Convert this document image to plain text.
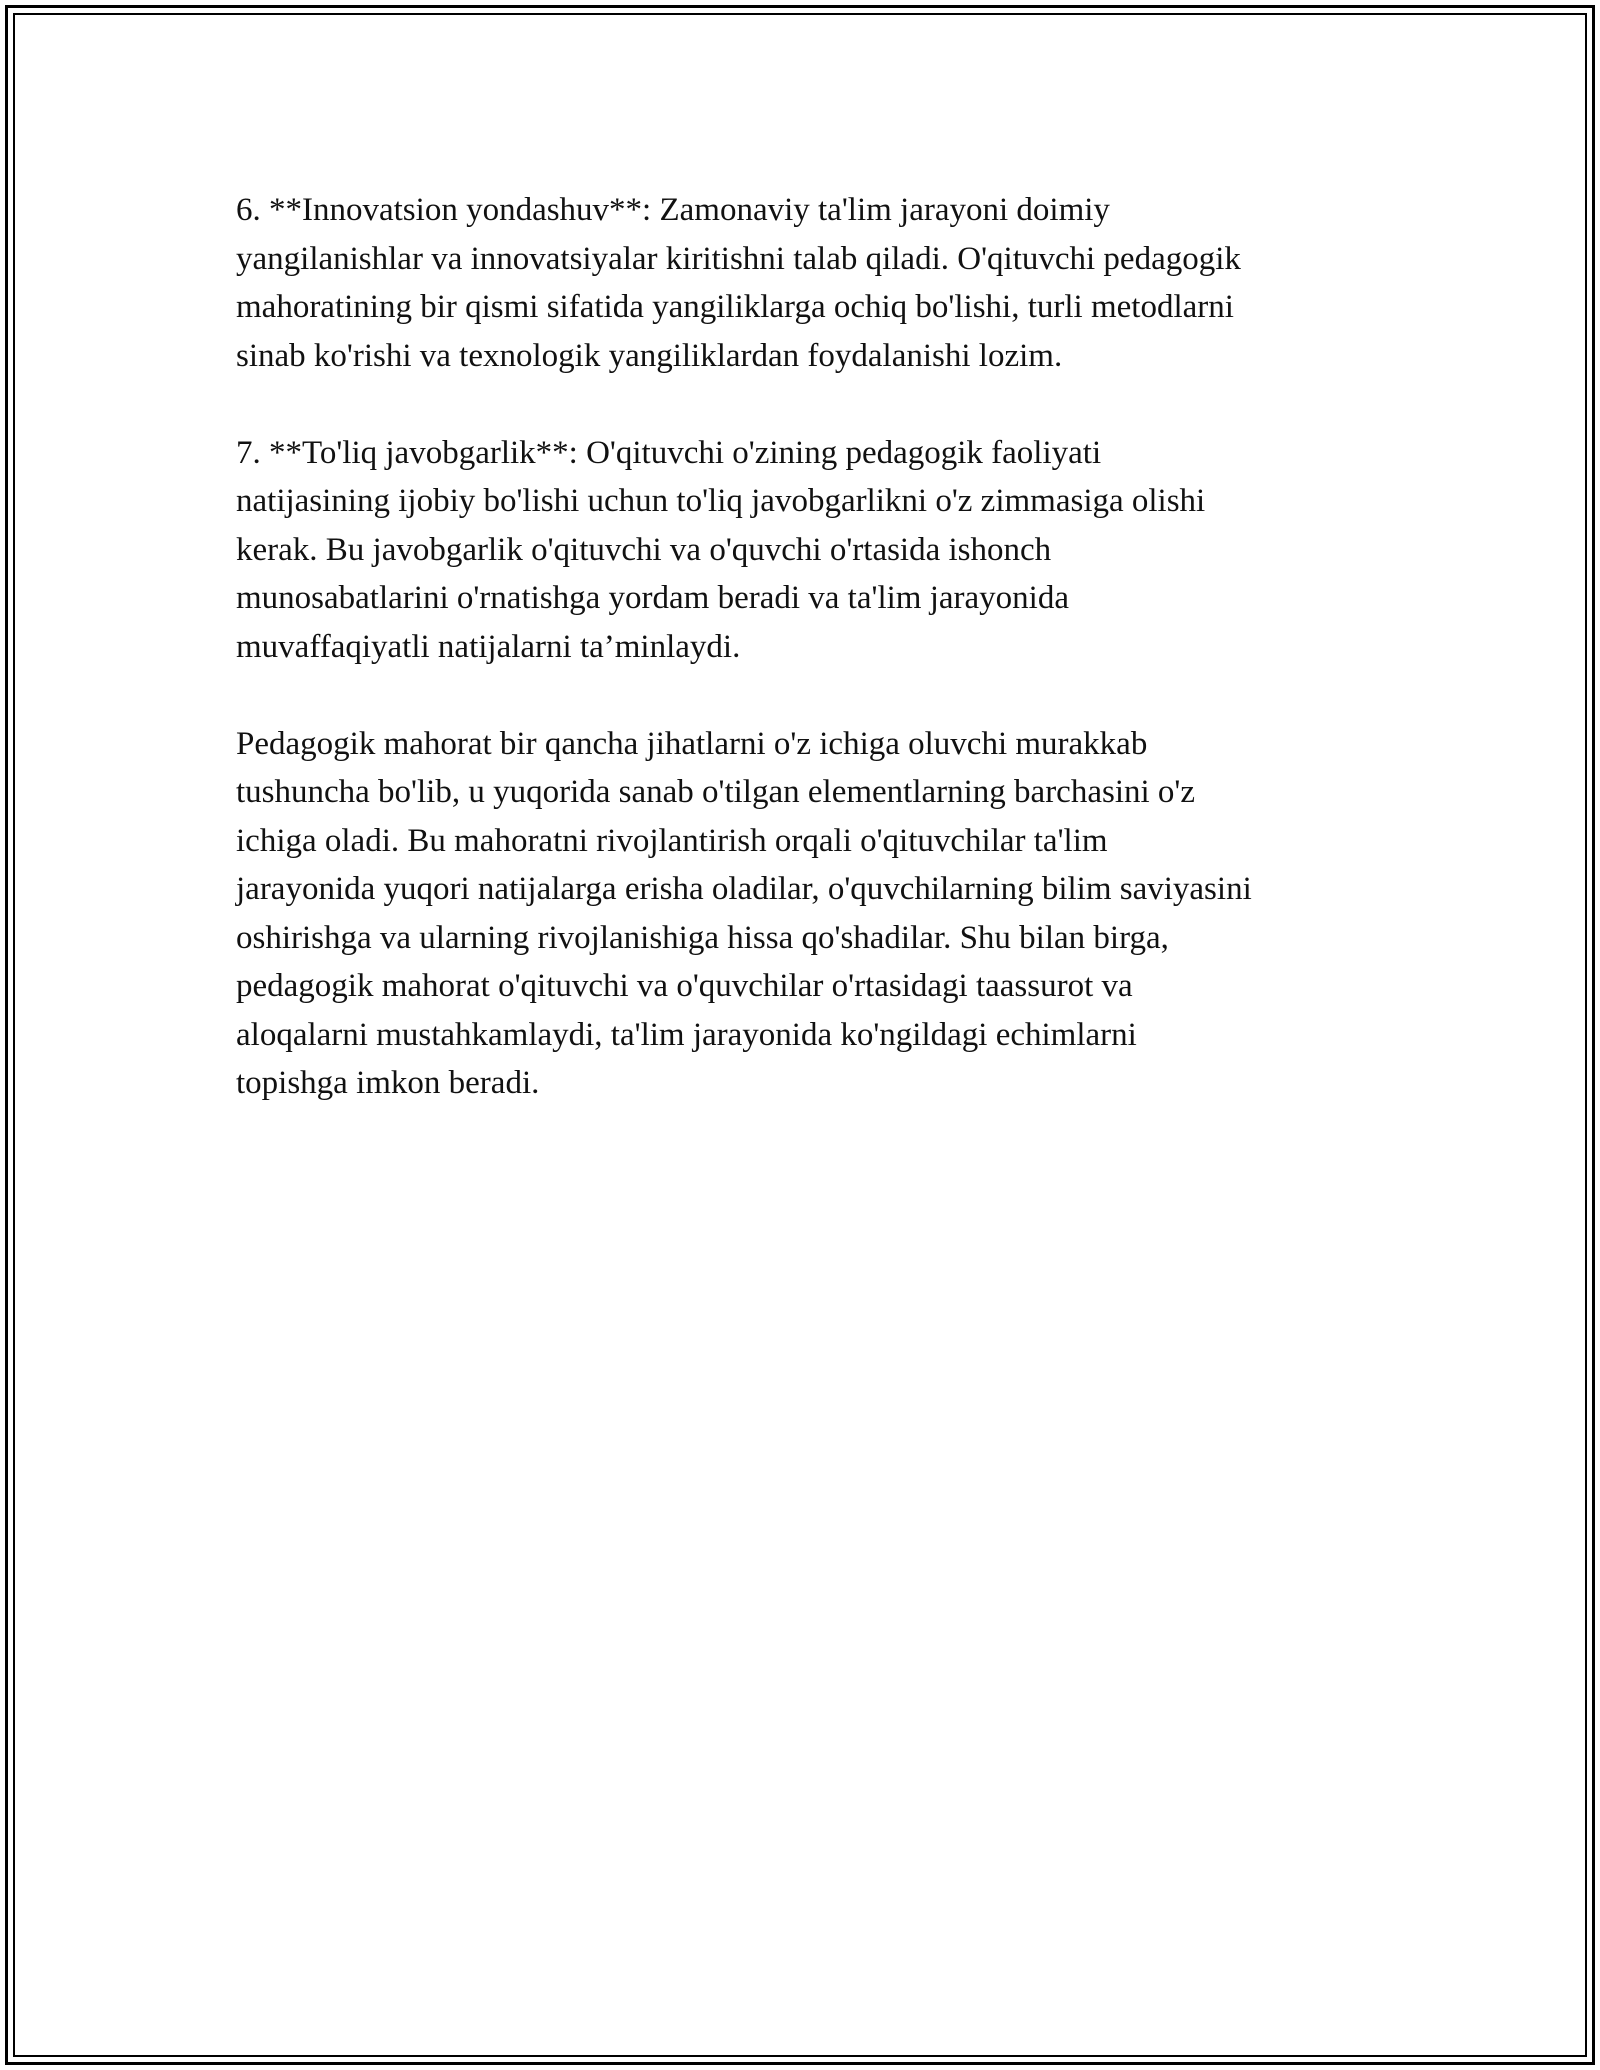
6. **Innovatsion yondashuv**: Zamonaviy ta'lim jarayoni doimiy
yangilanishlar va innovatsiyalar kiritishni talab qiladi. O'qituvchi pedagogik
mahoratining bir qismi sifatida yangiliklarga ochiq bo'lishi, turli metodlarni
sinab ko'rishi va texnologik yangiliklardan foydalanishi lozim.

7. **To'liq javobgarlik**: O'qituvchi o'zining pedagogik faoliyati
natijasining ijobiy bo'lishi uchun to'liq javobgarlikni o'z zimmasiga olishi
kerak. Bu javobgarlik o'qituvchi va o'quvchi o'rtasida ishonch
munosabatlarini o'rnatishga yordam beradi va ta'lim jarayonida
muvaffaqiyatli natijalarni ta’minlaydi.

Pedagogik mahorat bir qancha jihatlarni o'z ichiga oluvchi murakkab
tushuncha bo'lib, u yuqorida sanab o'tilgan elementlarning barchasini o'z
ichiga oladi. Bu mahoratni rivojlantirish orqali o'qituvchilar ta'lim
jarayonida yuqori natijalarga erisha oladilar, o'quvchilarning bilim saviyasini
oshirishga va ularning rivojlanishiga hissa qo'shadilar. Shu bilan birga,
pedagogik mahorat o'qituvchi va o'quvchilar o'rtasidagi taassurot va
aloqalarni mustahkamlaydi, ta'lim jarayonida ko'ngildagi echimlarni
topishga imkon beradi.
